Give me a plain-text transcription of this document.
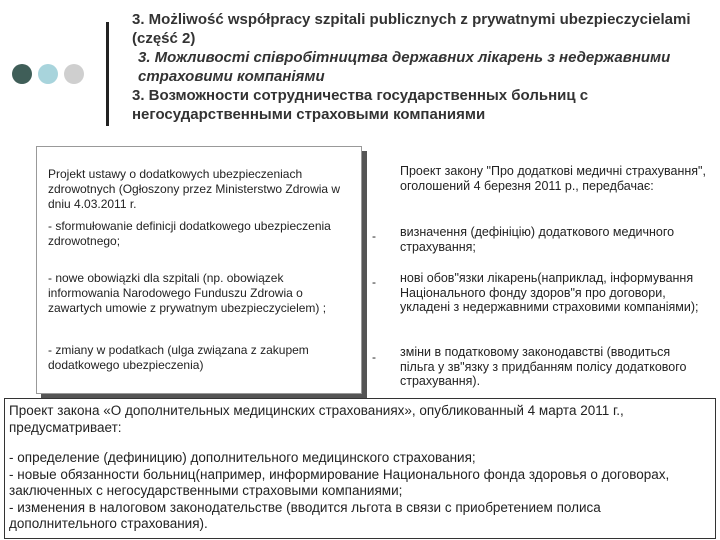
3. Możliwość współpracy szpitali publicznych z prywatnymi ubezpieczycielami (część 2)
3. Можливості співробітництва державних лікарень з недержавними страховими компаніями
3. Возможности сотрудничества государственных больниц с негосударственными страховыми компаниями

Projekt ustawy o dodatkowych ubezpieczeniach zdrowotnych (Ogłoszony przez Ministerstwo Zdrowia w dniu 4.03.2011 r.

- sformułowanie definicji dodatkowego ubezpieczenia zdrowotnego;

- nowe obowiązki dla szpitali (np. obowiązek informowania Narodowego Funduszu Zdrowia o zawartych umowie z prywatnym ubezpieczycielem) ;

- zmiany w podatkach (ulga związana z zakupem dodatkowego ubezpieczenia)

Проект закону "Про додаткові медичні страхування", оголошений 4 березня 2011 р., передбачає:

- визначення (дефініцію) додаткового медичного страхування;

- нові обов"язки лікарень(наприклад, інформування Національного фонду здоров"я про договори, укладені з недержавними страховими компаніями);

- зміни в податковому законодавстві (вводиться пільга у зв"язку з придбанням полісу додаткового страхування).

Проект закона «О дополнительных медицинских страхованиях», опубликованный 4 марта 2011 г., предусматривает:

- определение (дефиницию) дополнительного медицинского страхования;

- новые обязанности больниц(например, информирование Национального фонда здоровья о договорах, заключенных с негосударственными страховыми компаниями;

- изменения в налоговом законодательстве (вводится льгота в связи с приобретением полиса дополнительного страхования).
